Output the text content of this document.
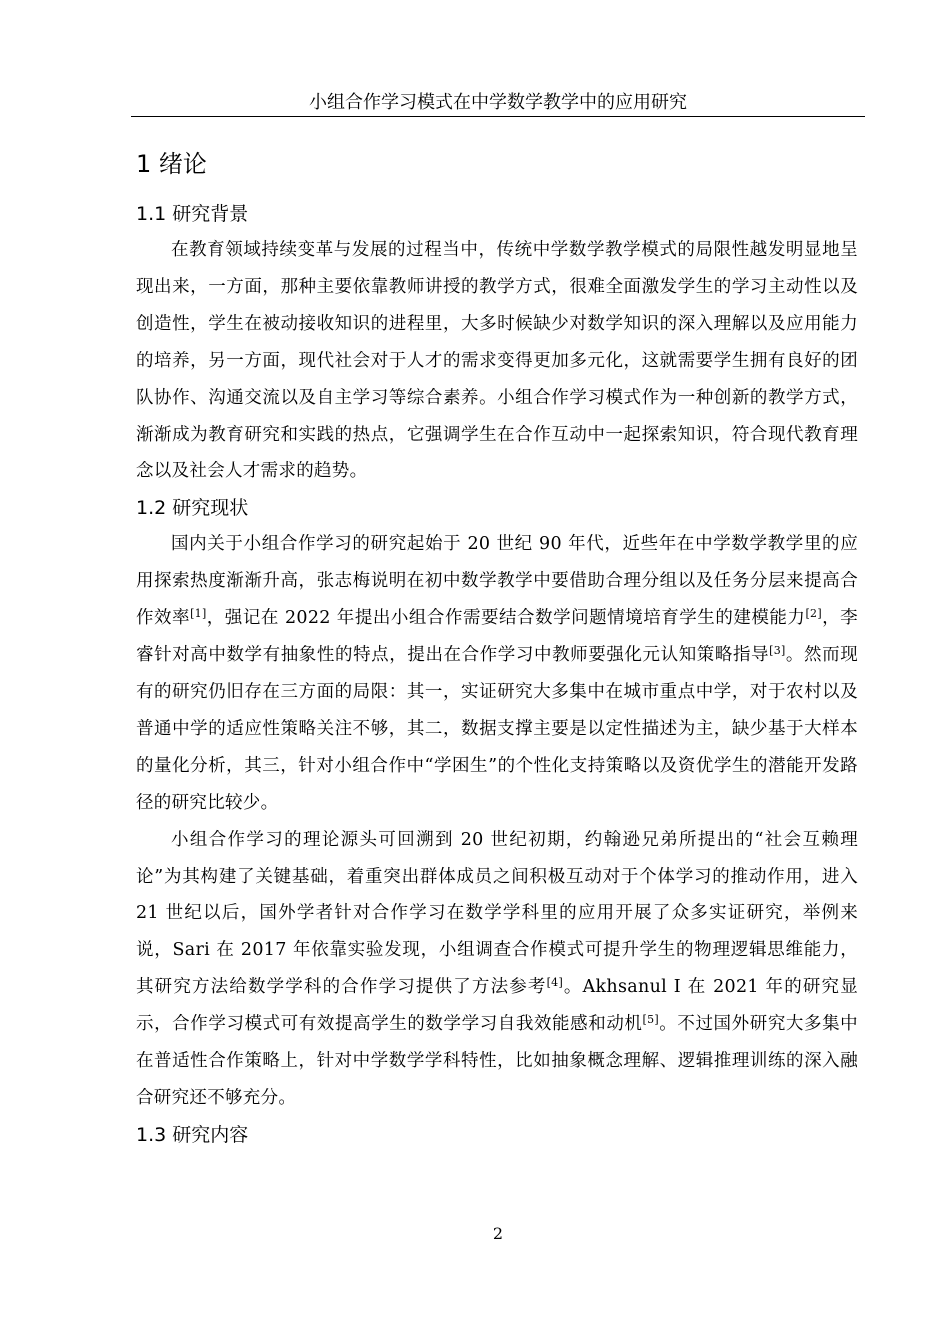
小组合作学习模式在中学数学教学中的应用研究
1 绪论
1.1 研究背景

在教育领域持续变革与发展的过程当中，传统中学数学教学模式的局限性越发明显地呈现出来，一方面，那种主要依靠教师讲授的教学方式，很难全面激发学生的学习主动性以及创造性，学生在被动接收知识的进程里，大多时候缺少对数学知识的深入理解以及应用能力的培养，另一方面，现代社会对于人才的需求变得更加多元化，这就需要学生拥有良好的团队协作、沟通交流以及自主学习等综合素养。小组合作学习模式作为一种创新的教学方式，渐渐成为教育研究和实践的热点，它强调学生在合作互动中一起探索知识，符合现代教育理念以及社会人才需求的趋势。

1.2 研究现状

国内关于小组合作学习的研究起始于 20 世纪 90 年代，近些年在中学数学教学里的应用探索热度渐渐升高，张志梅说明在初中数学教学中要借助合理分组以及任务分层来提高合作效率[1]，强记在 2022 年提出小组合作需要结合数学问题情境培育学生的建模能力[2]，李睿针对高中数学有抽象性的特点，提出在合作学习中教师要强化元认知策略指导[3]。然而现有的研究仍旧存在三方面的局限：其一，实证研究大多集中在城市重点中学，对于农村以及普通中学的适应性策略关注不够，其二，数据支撑主要是以定性描述为主，缺少基于大样本的量化分析，其三，针对小组合作中“学困生”的个性化支持策略以及资优学生的潜能开发路径的研究比较少。

小组合作学习的理论源头可回溯到 20 世纪初期，约翰逊兄弟所提出的“社会互赖理论”为其构建了关键基础，着重突出群体成员之间积极互动对于个体学习的推动作用，进入 21 世纪以后，国外学者针对合作学习在数学学科里的应用开展了众多实证研究，举例来说，Sari 在 2017 年依靠实验发现，小组调查合作模式可提升学生的物理逻辑思维能力，其研究方法给数学学科的合作学习提供了方法参考[4]。Akhsanul I 在 2021 年的研究显示，合作学习模式可有效提高学生的数学学习自我效能感和动机[5]。不过国外研究大多集中在普适性合作策略上，针对中学数学学科特性，比如抽象概念理解、逻辑推理训练的深入融合研究还不够充分。

1.3 研究内容
2
